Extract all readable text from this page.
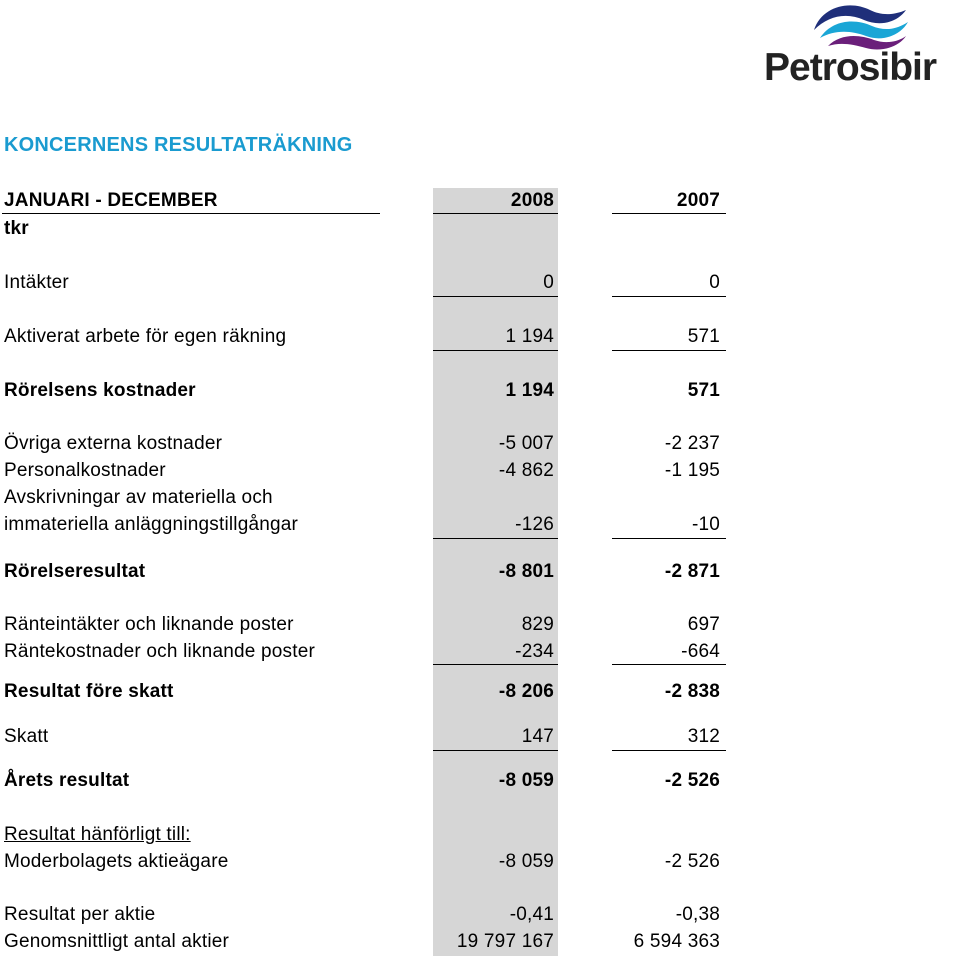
Petrosibir
KONCERNENS RESULTATRÄKNING
JANUARI - DECEMBER	2008	2007
tkr
Intäkter	0	0
Aktiverat arbete för egen räkning	1 194	571
Rörelsens kostnader	1 194	571
Övriga externa kostnader	-5 007	-2 237
Personalkostnader	-4 862	-1 195
Avskrivningar av materiella och
immateriella anläggningstillgångar	-126	-10
Rörelseresultat	-8 801	-2 871
Ränteintäkter och liknande poster	829	697
Räntekostnader och liknande poster	-234	-664
Resultat före skatt	-8 206	-2 838
Skatt	147	312
Årets resultat	-8 059	-2 526
Resultat hänförligt till:
Moderbolagets aktieägare	-8 059	-2 526
Resultat per aktie	-0,41	-0,38
Genomsnittligt antal aktier	19 797 167	6 594 363
